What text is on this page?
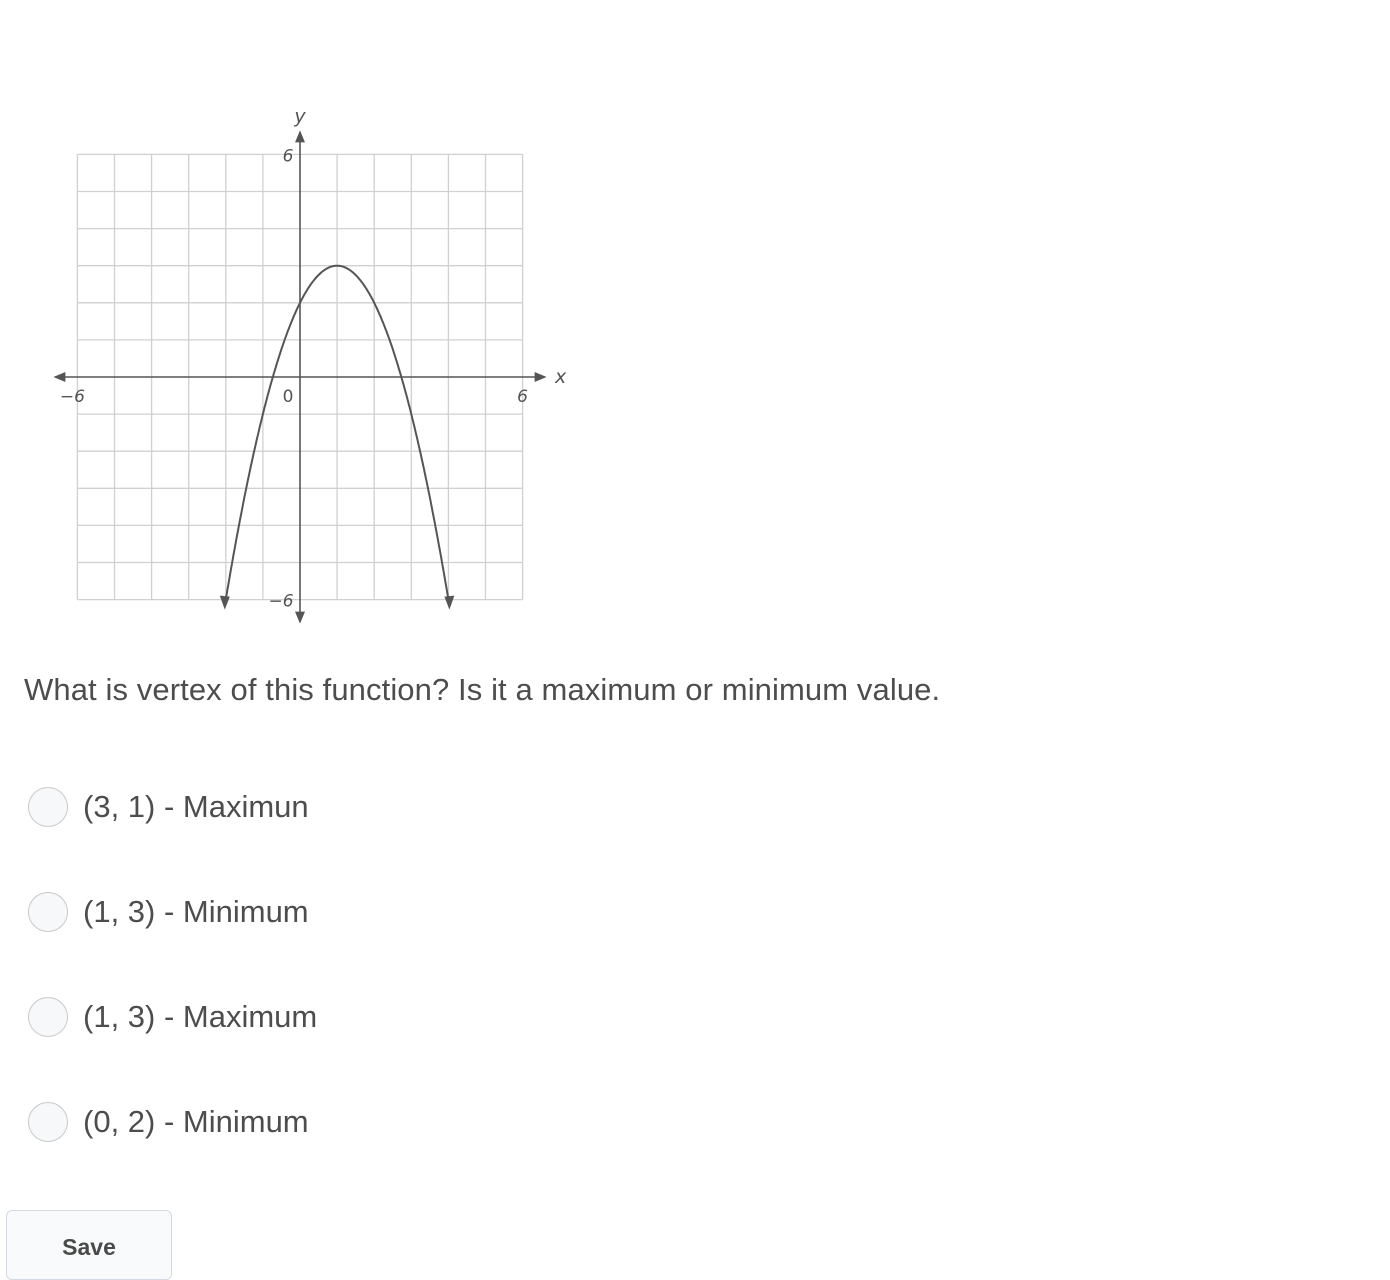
x
y
−6	0	6
6
−6
What is vertex of this function? Is it a maximum or minimum value.
(3, 1) - Maximun
(1, 3) - Minimum
(1, 3) - Maximum
(0, 2) - Minimum
Save
